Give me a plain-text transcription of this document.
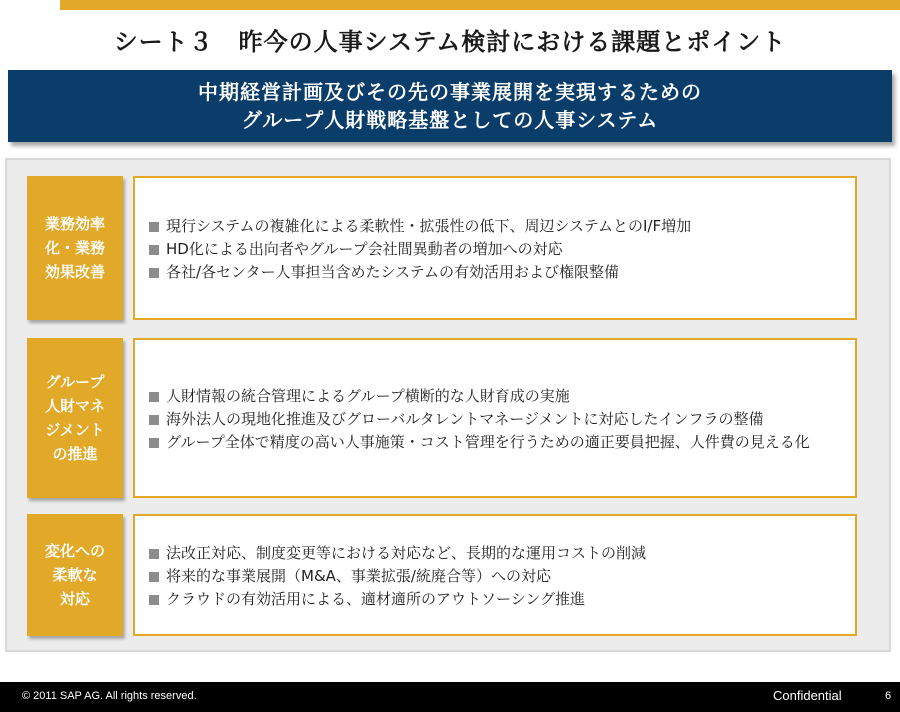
シート３　昨今の人事システム検討における課題とポイント
中期経営計画及びその先の事業展開を実現するための
グループ人財戦略基盤としての人事システム
業務効率
化・業務
効果改善
現行システムの複雑化による柔軟性・拡張性の低下、周辺システムとのI/F増加
HD化による出向者やグループ会社間異動者の増加への対応
各社/各センター人事担当含めたシステムの有効活用および権限整備
グループ
人財マネ
ジメント
の推進
人財情報の統合管理によるグループ横断的な人財育成の実施
海外法人の現地化推進及びグローバルタレントマネージメントに対応したインフラの整備
グループ全体で精度の高い人事施策・コスト管理を行うための適正要員把握、人件費の見える化
変化への
柔軟な
対応
法改正対応、制度変更等における対応など、長期的な運用コストの削減
将来的な事業展開（M&A、事業拡張/統廃合等）への対応
クラウドの有効活用による、適材適所のアウトソーシング推進
© 2011 SAP AG. All rights reserved.	Confidential	6
